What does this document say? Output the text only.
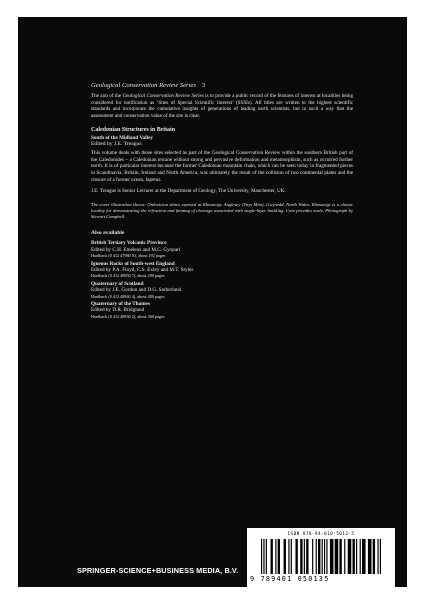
Geological Conservation Review Series 3

The aim of the Geological Conservation Review Series is to provide a public record of the features of interest at localities being considered for notification as ‘Sites of Special Scientific Interest’ (SSSIs). All titles are written to the highest scientific standards and incorporate the cumulative insights of generations of leading earth scientists, but in such a way that the assessment and conservation value of the site is clear.

Caledonian Structures in Britain
South of the Midland Valley
Edited by J.E. Treagus

This volume deals with those sites selected as part of the Geological Conservation Review within the southern British part of the Caledonides – a Caledonian terrane without strong and pervasive deformation and metamorphism, such as occurred further north. It is of particular interest because the former Caledonian mountain chain, which can be seen today in fragmented pieces in Scandinavia, Britain, Ireland and North America, was ultimately the result of the collision of two continental plates and the closure of a former ocean, Iapetus.

J.E. Treagus is Senior Lecturer at the Department of Geology, The University, Manchester, UK.

The cover illustration shows: Ordovician slates exposed at Rhosneigr, Anglesey (Ynys Môn), Gwynedd, North Wales. Rhosneigr is a classic locality for demonstrating the refraction and fanning of cleavage associated with single-layer buckling. Coin provides scale. Photograph by Stewart Campbell.

Also available
British Tertiary Volcanic Province
Edited by C.H. Emeleus and M.C. Gyopari
Hardback (0 412 47980 X), about 192 pages
Igneous Rocks of South-west England
Edited by P.A. Floyd, C.S. Exley and M.T. Styles
Hardback (0 412 48850 7), about 200 pages
Quaternary of Scotland
Edited by J.E. Gordon and D.G. Sutherland
Hardback (0 412 48840 4), about 480 pages
Quaternary of the Thames
Edited by D.R. Bridgland
Hardback (0 412 48830 2), about 300 pages
SPRINGER-SCIENCE+BUSINESS MEDIA, B.V.
ISBN 978-94-010-5013-5
9 789401 050135
